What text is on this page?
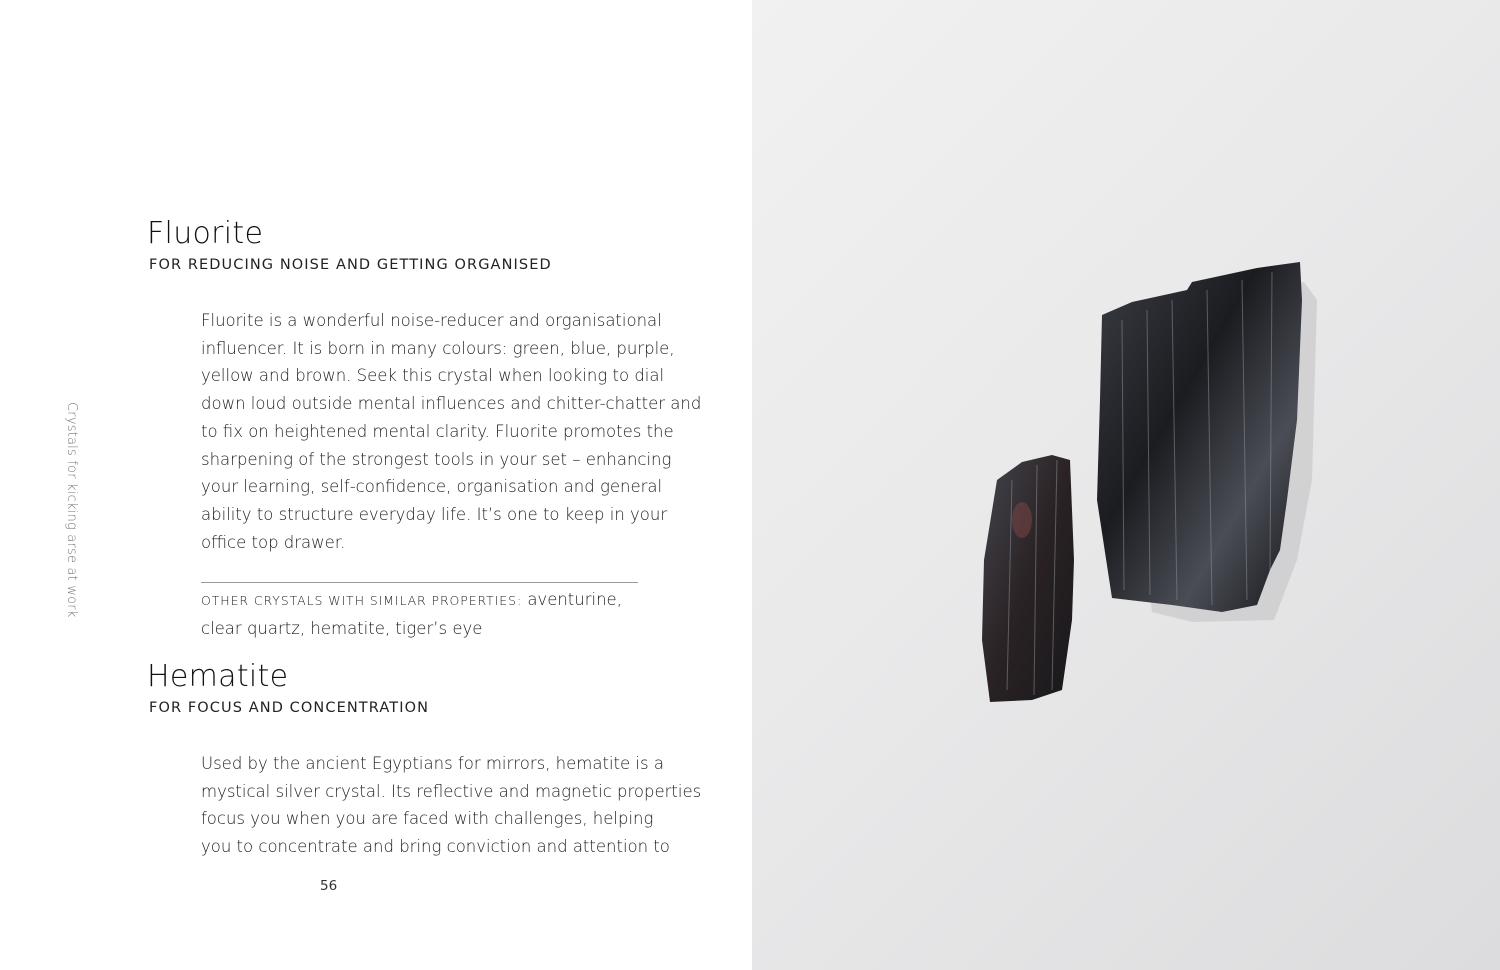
Crystals for kicking arse at work
Fluorite
FOR REDUCING NOISE AND GETTING ORGANISED
Fluorite is a wonderful noise-reducer and organisational
influencer. It is born in many colours: green, blue, purple,
yellow and brown. Seek this crystal when looking to dial
down loud outside mental influences and chitter-chatter and
to fix on heightened mental clarity. Fluorite promotes the
sharpening of the strongest tools in your set – enhancing
your learning, self-confidence, organisation and general
ability to structure everyday life. It’s one to keep in your
office top drawer.
OTHER CRYSTALS WITH SIMILAR PROPERTIES: aventurine,
clear quartz, hematite, tiger’s eye
Hematite
FOR FOCUS AND CONCENTRATION
Used by the ancient Egyptians for mirrors, hematite is a
mystical silver crystal. Its reflective and magnetic properties
focus you when you are faced with challenges, helping
you to concentrate and bring conviction and attention to
56
